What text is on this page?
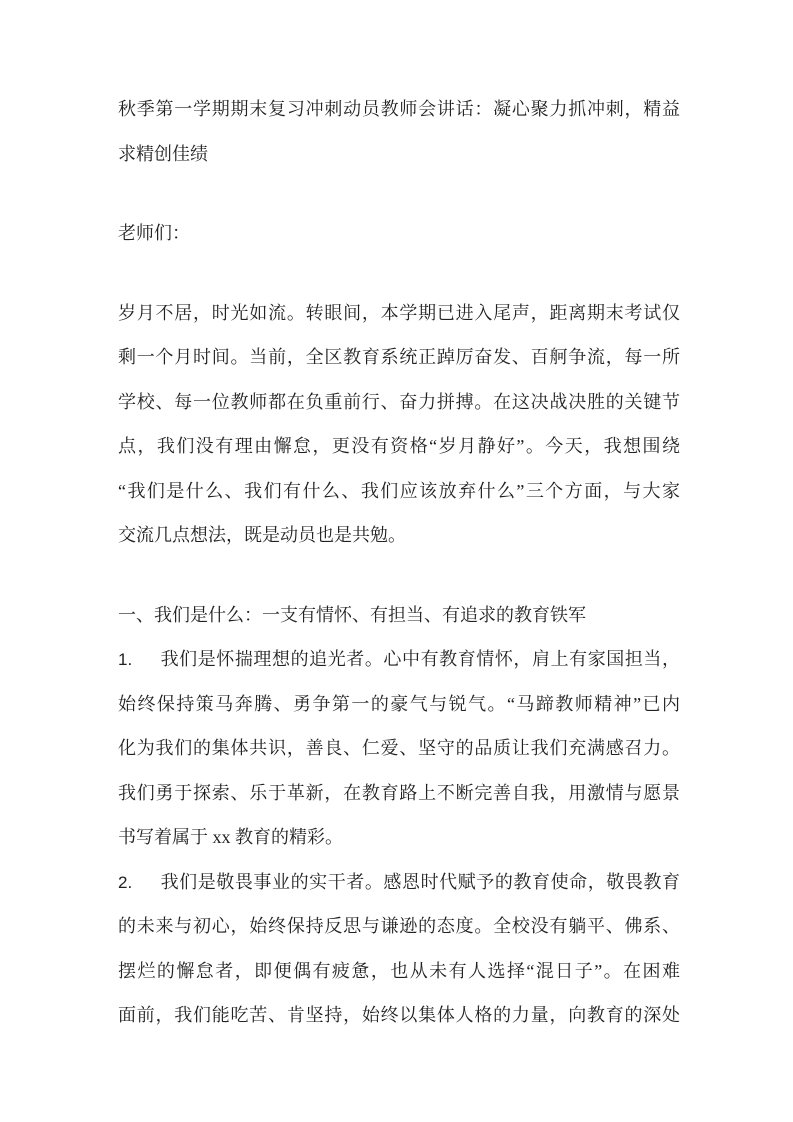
秋季第一学期期末复习冲刺动员教师会讲话：凝心聚力抓冲刺，精益
求精创佳绩
老师们：
岁月不居，时光如流。转眼间，本学期已进入尾声，距离期末考试仅
剩一个月时间。当前，全区教育系统正踔厉奋发、百舸争流，每一所
学校、每一位教师都在负重前行、奋力拼搏。在这决战决胜的关键节
点，我们没有理由懈怠，更没有资格“岁月静好”。今天，我想围绕
“我们是什么、我们有什么、我们应该放弃什么”三个方面，与大家
交流几点想法，既是动员也是共勉。
一、我们是什么：一支有情怀、有担当、有追求的教育铁军
1. 我们是怀揣理想的追光者。心中有教育情怀，肩上有家国担当，
始终保持策马奔腾、勇争第一的豪气与锐气。“马蹄教师精神”已内
化为我们的集体共识，善良、仁爱、坚守的品质让我们充满感召力。
我们勇于探索、乐于革新，在教育路上不断完善自我，用激情与愿景
书写着属于 xx 教育的精彩。
2. 我们是敬畏事业的实干者。感恩时代赋予的教育使命，敬畏教育
的未来与初心，始终保持反思与谦逊的态度。全校没有躺平、佛系、
摆烂的懈怠者，即便偶有疲惫，也从未有人选择“混日子”。在困难
面前，我们能吃苦、肯坚持，始终以集体人格的力量，向教育的深处
